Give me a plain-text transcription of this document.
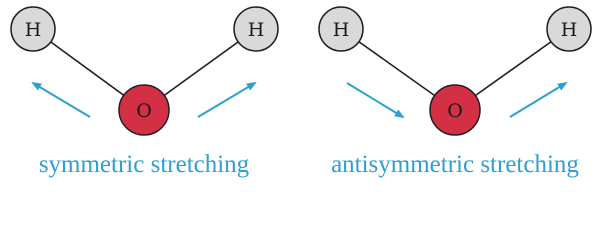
H	H
O
symmetric stretching
H	H
O
antisymmetric stretching
